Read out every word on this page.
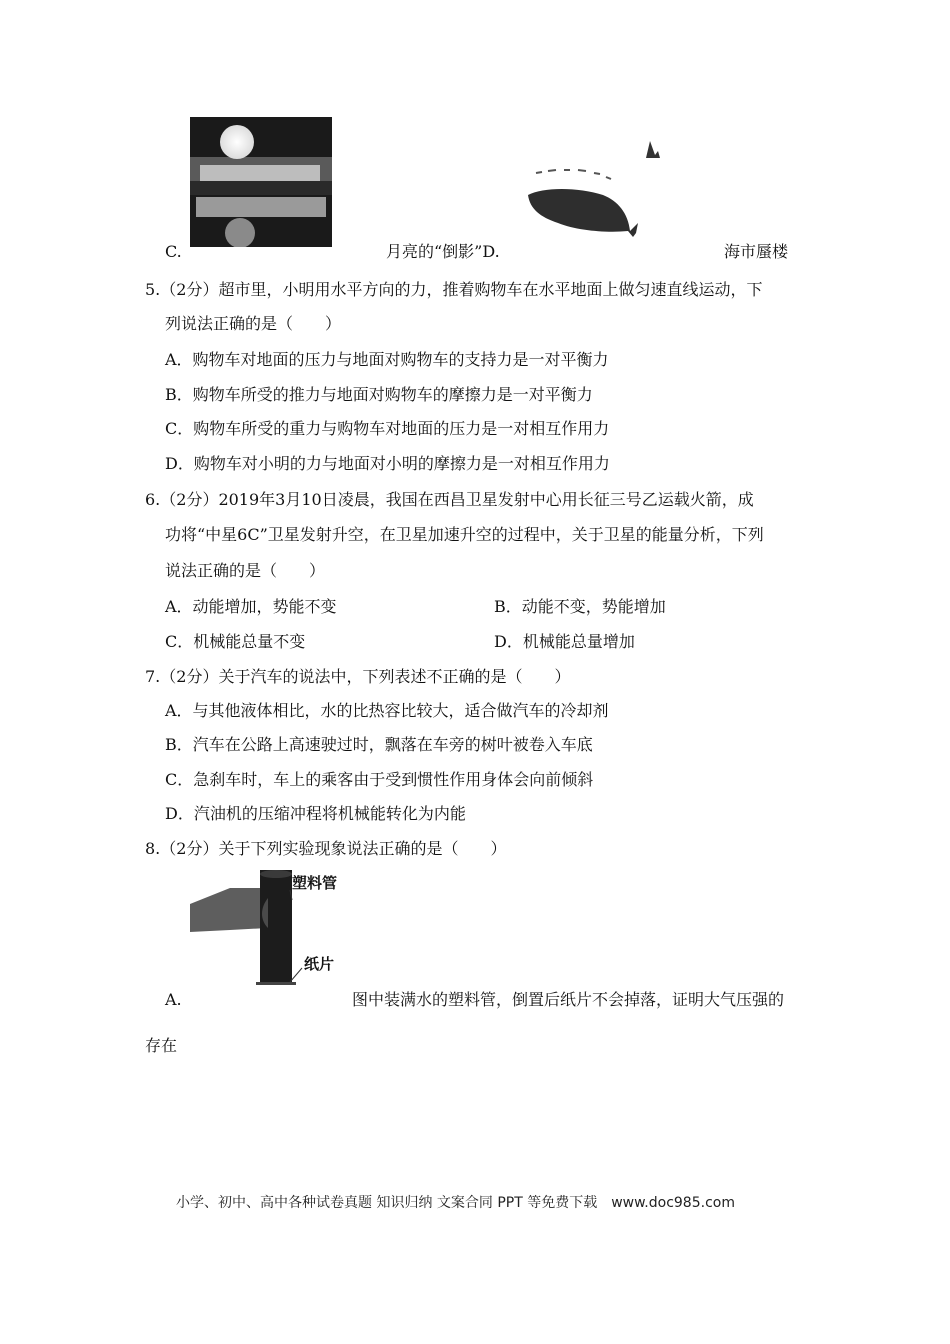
C.	月亮的“倒影”D.	海市蜃楼
5.（2分）超市里，小明用水平方向的力，推着购物车在水平地面上做匀速直线运动，下
列说法正确的是（　　）
A．购物车对地面的压力与地面对购物车的支持力是一对平衡力
B．购物车所受的推力与地面对购物车的摩擦力是一对平衡力
C．购物车所受的重力与购物车对地面的压力是一对相互作用力
D．购物车对小明的力与地面对小明的摩擦力是一对相互作用力
6.（2分）2019年3月10日凌晨，我国在西昌卫星发射中心用长征三号乙运载火箭，成
功将“中星6C”卫星发射升空，在卫星加速升空的过程中，关于卫星的能量分析，下列
说法正确的是（　　）
A．动能增加，势能不变	B．动能不变，势能增加
C．机械能总量不变	D．机械能总量增加
7.（2分）关于汽车的说法中，下列表述不正确的是（　　）
A．与其他液体相比，水的比热容比较大，适合做汽车的冷却剂
B．汽车在公路上高速驶过时，飘落在车旁的树叶被卷入车底
C．急刹车时，车上的乘客由于受到惯性作用身体会向前倾斜
D．汽油机的压缩冲程将机械能转化为内能
8.（2分）关于下列实验现象说法正确的是（　　）
塑料管
纸片
A.	图中装满水的塑料管，倒置后纸片不会掉落，证明大气压强的
存在
小学、初中、高中各种试卷真题 知识归纳 文案合同 PPT 等免费下载　www.doc985.com
